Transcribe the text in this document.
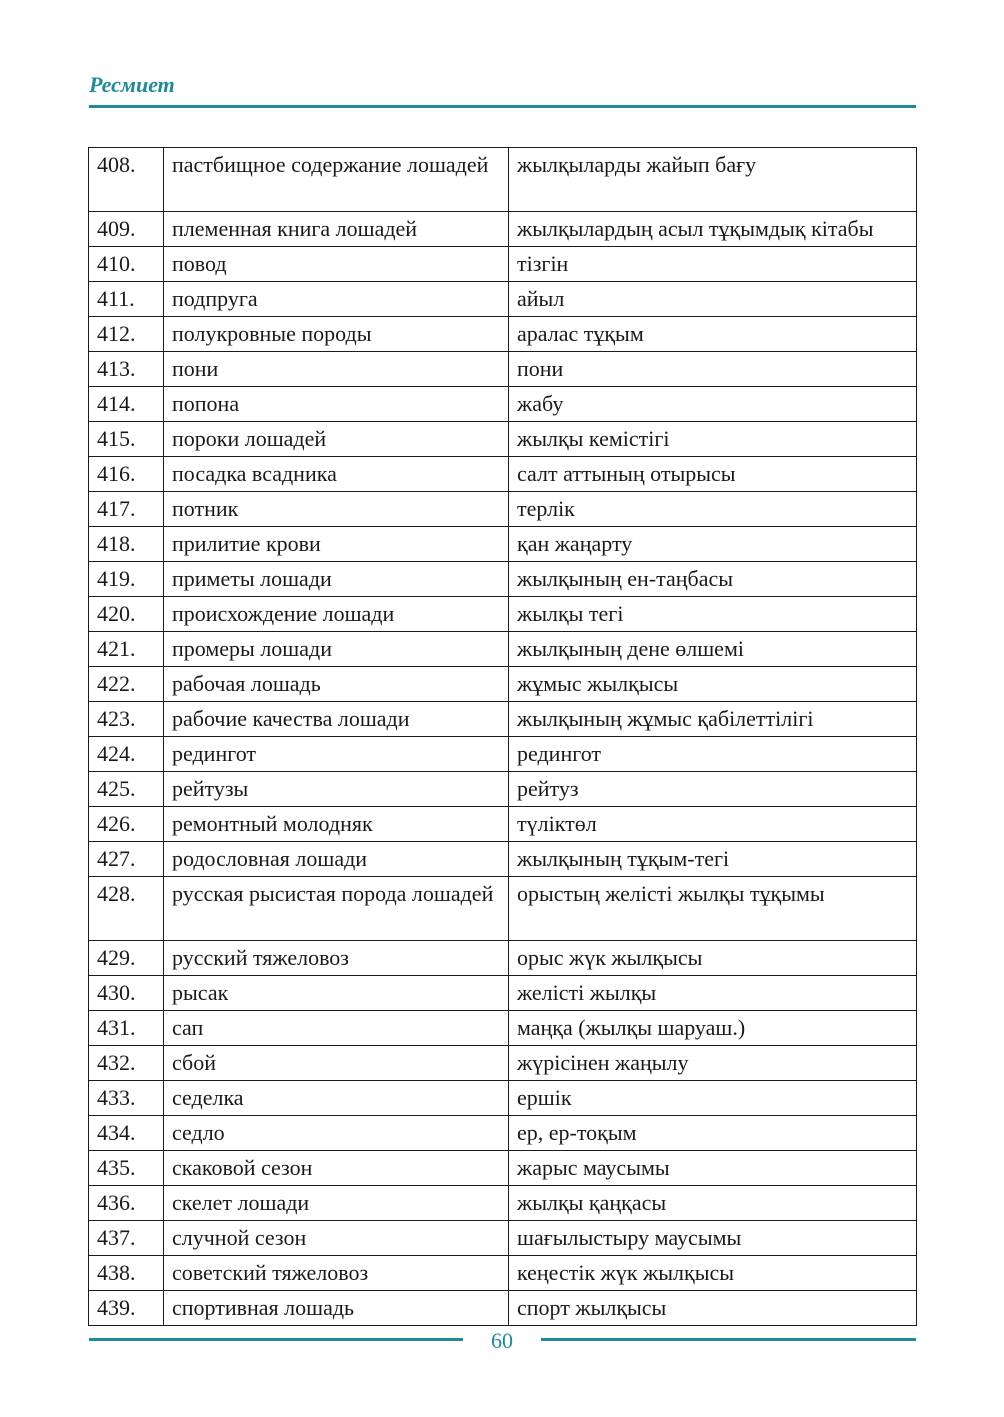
Ресмиет
408.	пастбищное содержание лошадей	жылқыларды жайып бағу
409.	племенная книга лошадей	жылқылардың асыл тұқымдық кітабы
410.	повод	тізгін
411.	подпруга	айыл
412.	полукровные породы	аралас тұқым
413.	пони	пони
414.	попона	жабу
415.	пороки лошадей	жылқы кемістігі
416.	посадка всадника	салт аттының отырысы
417.	потник	терлік
418.	прилитие крови	қан жаңарту
419.	приметы лошади	жылқының ен-таңбасы
420.	происхождение лошади	жылқы тегі
421.	промеры лошади	жылқының дене өлшемі
422.	рабочая лошадь	жұмыс жылқысы
423.	рабочие качества лошади	жылқының жұмыс қабілеттілігі
424.	редингот	редингот
425.	рейтузы	рейтуз
426.	ремонтный молодняк	түліктөл
427.	родословная лошади	жылқының тұқым-тегі
428.	русская рысистая порода лошадей	орыстың желісті жылқы тұқымы
429.	русский тяжеловоз	орыс жүк жылқысы
430.	рысак	желісті жылқы
431.	сап	маңқа (жылқы шаруаш.)
432.	сбой	жүрісінен жаңылу
433.	седелка	ершік
434.	седло	ер, ер-тоқым
435.	скаковой сезон	жарыс маусымы
436.	скелет лошади	жылқы қаңқасы
437.	случной сезон	шағылыстыру маусымы
438.	советский тяжеловоз	кеңестік жүк жылқысы
439.	спортивная лошадь	спорт жылқысы
60
